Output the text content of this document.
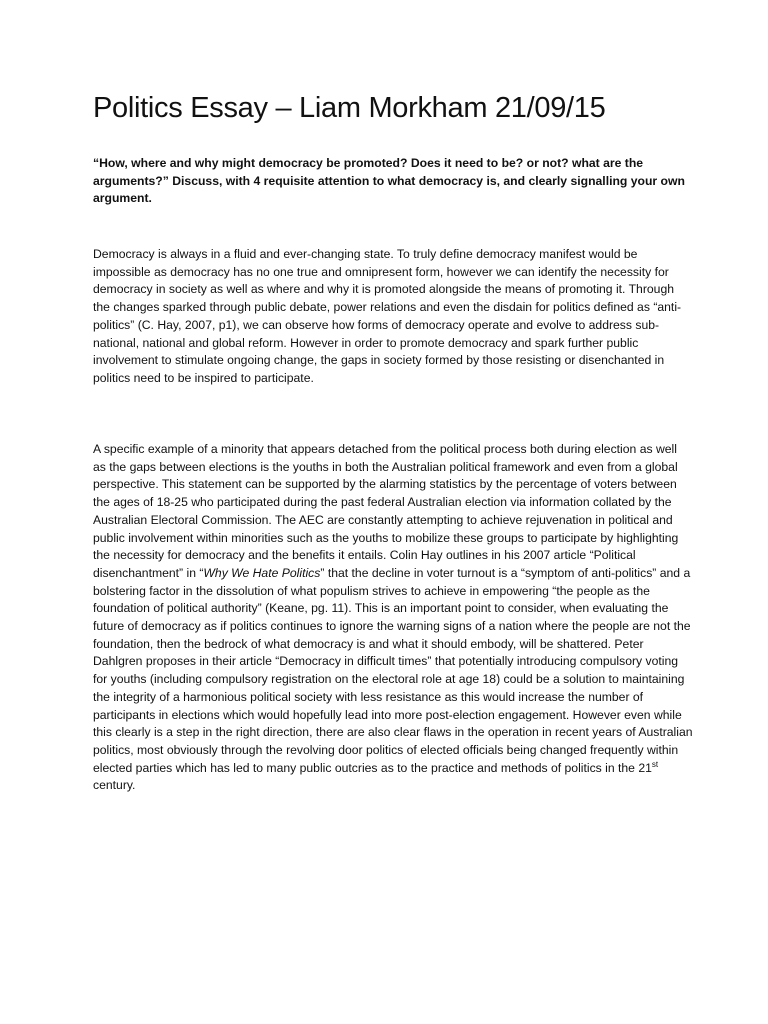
Politics Essay – Liam Morkham 21/09/15

“How, where and why might democracy be promoted? Does it need to be? or not? what are the arguments?” Discuss, with 4 requisite attention to what democracy is, and clearly signalling your own argument.

Democracy is always in a fluid and ever-changing state. To truly define democracy manifest would be impossible as democracy has no one true and omnipresent form, however we can identify the necessity for democracy in society as well as where and why it is promoted alongside the means of promoting it. Through the changes sparked through public debate, power relations and even the disdain for politics defined as “anti-politics” (C. Hay, 2007, p1), we can observe how forms of democracy operate and evolve to address sub-national, national and global reform. However in order to promote democracy and spark further public involvement to stimulate ongoing change, the gaps in society formed by those resisting or disenchanted in politics need to be inspired to participate.

A specific example of a minority that appears detached from the political process both during election as well as the gaps between elections is the youths in both the Australian political framework and even from a global perspective. This statement can be supported by the alarming statistics by the percentage of voters between the ages of 18-25 who participated during the past federal Australian election via information collated by the Australian Electoral Commission. The AEC are constantly attempting to achieve rejuvenation in political and public involvement within minorities such as the youths to mobilize these groups to participate by highlighting the necessity for democracy and the benefits it entails. Colin Hay outlines in his 2007 article “Political disenchantment” in “Why We Hate Politics” that the decline in voter turnout is a “symptom of anti-politics” and a bolstering factor in the dissolution of what populism strives to achieve in empowering “the people as the foundation of political authority” (Keane, pg. 11). This is an important point to consider, when evaluating the future of democracy as if politics continues to ignore the warning signs of a nation where the people are not the foundation, then the bedrock of what democracy is and what it should embody, will be shattered. Peter Dahlgren proposes in their article “Democracy in difficult times” that potentially introducing compulsory voting for youths (including compulsory registration on the electoral role at age 18) could be a solution to maintaining the integrity of a harmonious political society with less resistance as this would increase the number of participants in elections which would hopefully lead into more post-election engagement. However even while this clearly is a step in the right direction, there are also clear flaws in the operation in recent years of Australian politics, most obviously through the revolving door politics of elected officials being changed frequently within elected parties which has led to many public outcries as to the practice and methods of politics in the 21st century.
